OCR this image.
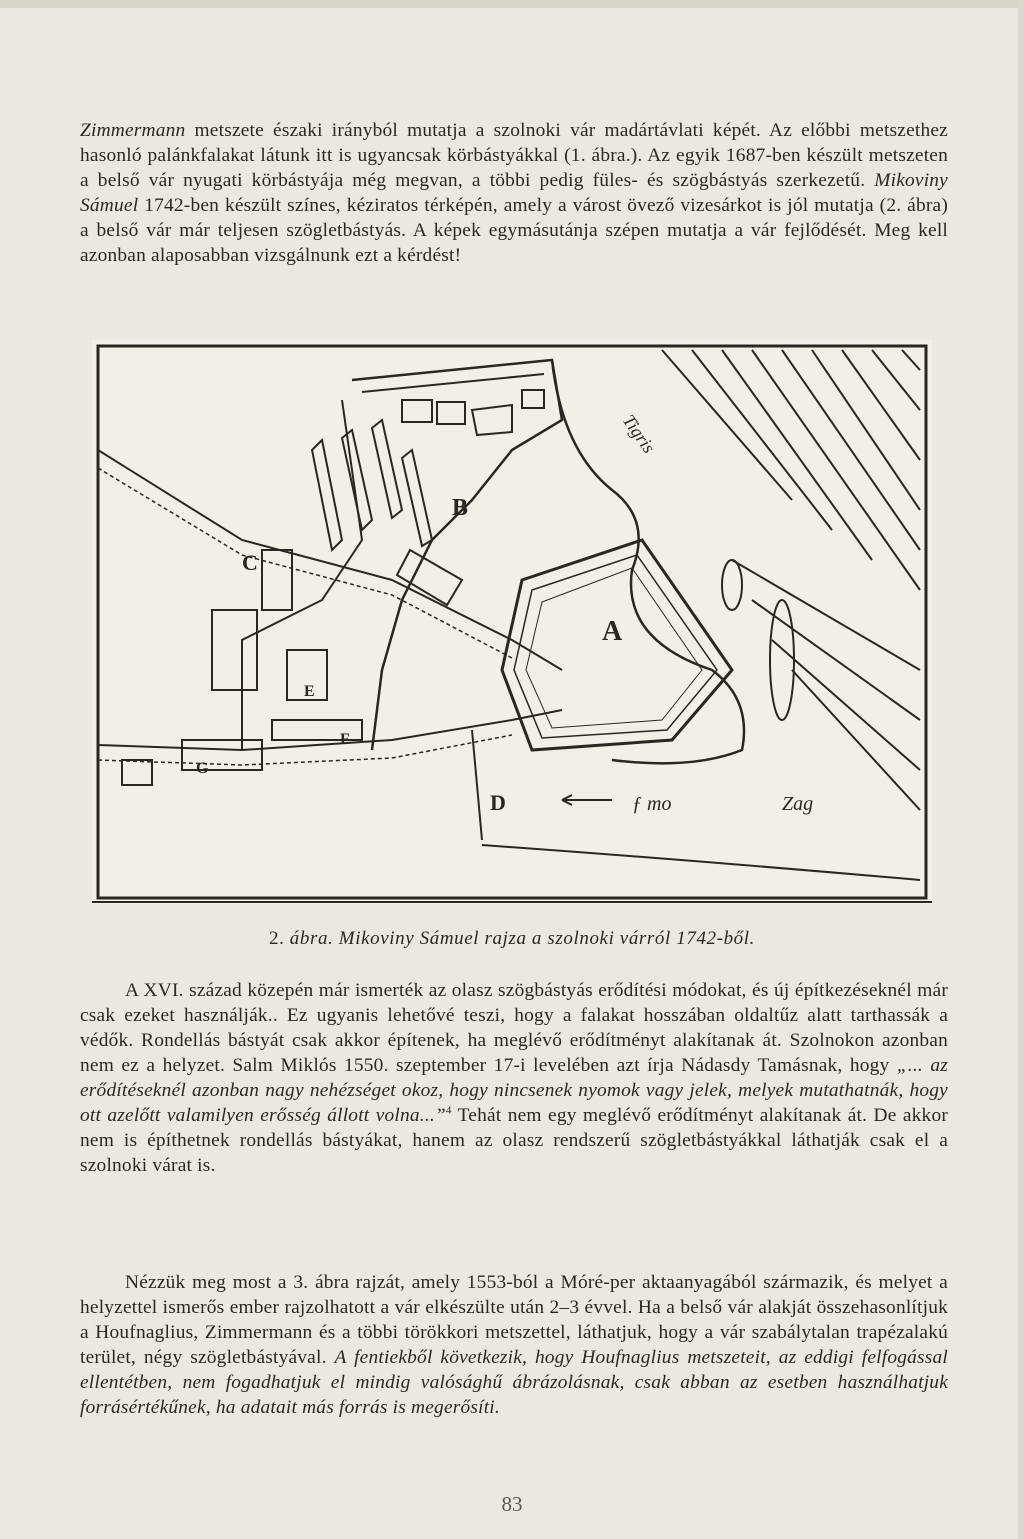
Zimmermann metszete északi irányból mutatja a szolnoki vár madártávlati képét. Az előbbi metszethez hasonló palánkfalakat látunk itt is ugyancsak körbástyákkal (1. ábra.). Az egyik 1687-ben készült metszeten a belső vár nyugati körbástyája még megvan, a többi pedig füles- és szögbástyás szerkezetű. Mikoviny Sámuel 1742-ben készült színes, kéziratos térképén, amely a várost övező vizesárkot is jól mutatja (2. ábra) a belső vár már teljesen szögletbástyás. A képek egymásutánja szépen mutatja a vár fejlődését. Meg kell azonban alaposabban vizsgálnunk ezt a kérdést!

A
B
C
D
E
F
G
ƒ mo
Tigris
Zag
2. ábra. Mikoviny Sámuel rajza a szolnoki várról 1742-ből.

A XVI. század közepén már ismerték az olasz szögbástyás erődítési módokat, és új építkezéseknél már csak ezeket használják.. Ez ugyanis lehetővé teszi, hogy a falakat hosszában oldaltűz alatt tarthassák a védők. Rondellás bástyát csak akkor építenek, ha meglévő erődítményt alakítanak át. Szolnokon azonban nem ez a helyzet. Salm Miklós 1550. szeptember 17-i levelében azt írja Nádasdy Tamásnak, hogy „... az erődítéseknél azonban nagy nehézséget okoz, hogy nincsenek nyomok vagy jelek, melyek mutathatnák, hogy ott azelőtt valamilyen erősség állott volna...”$^4$ Tehát nem egy meglévő erődítményt alakítanak át. De akkor nem is építhetnek rondellás bástyákat, hanem az olasz rendszerű szögletbástyákkal láthatják csak el a szolnoki várat is.

Nézzük meg most a 3. ábra rajzát, amely 1553-ból a Móré-per aktaanyagából származik, és melyet a helyzettel ismerős ember rajzolhatott a vár elkészülte után 2–3 évvel. Ha a belső vár alakját összehasonlítjuk a Houfnaglius, Zimmermann és a többi törökkori metszettel, láthatjuk, hogy a vár szabálytalan trapézalakú terület, négy szögletbástyával. A fentiekből következik, hogy Houfnaglius metszeteit, az eddigi felfogással ellentétben, nem fogadhatjuk el mindig valósághű ábrázolásnak, csak abban az esetben használhatjuk forrásértékűnek, ha adatait más forrás is megerősíti.

83
